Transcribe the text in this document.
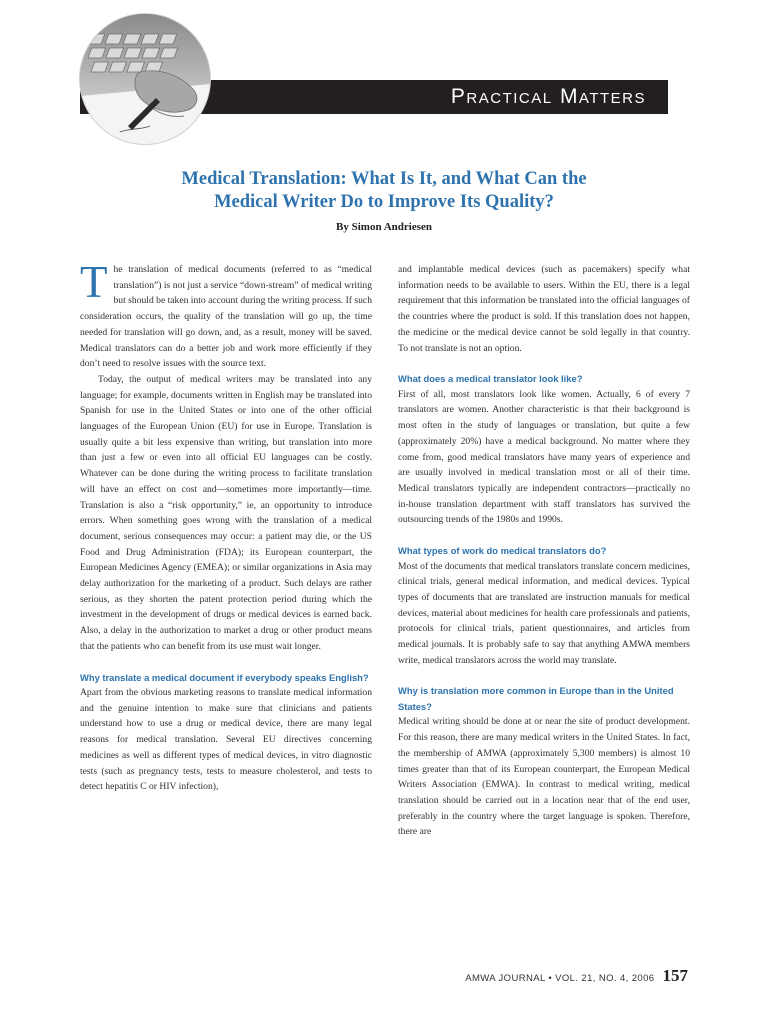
Practical Matters
Medical Translation: What Is It, and What Can the
Medical Writer Do to Improve Its Quality?

By Simon Andriesen

The translation of medical documents (referred to as “medical translation”) is not just a service “down-stream” of medical writing but should be taken into account during the writing process. If such consideration occurs, the quality of the translation will go up, the time needed for translation will go down, and, as a result, money will be saved. Medical translators can do a better job and work more efficiently if they don’t need to resolve issues with the source text.

Today, the output of medical writers may be translated into any language; for example, documents written in English may be translated into Spanish for use in the United States or into one of the other official languages of the European Union (EU) for use in Europe. Translation is usually quite a bit less expensive than writing, but translation into more than just a few or even into all official EU languages can be costly. Whatever can be done during the writing process to facilitate translation will have an effect on cost and—sometimes more importantly—time. Translation is also a “risk opportunity,” ie, an opportunity to introduce errors. When something goes wrong with the translation of a medical document, serious consequences may occur: a patient may die, or the US Food and Drug Administration (FDA); its European counterpart, the European Medicines Agency (EMEA); or similar organizations in Asia may delay authorization for the marketing of a product. Such delays are rather serious, as they shorten the patent protection period during which the investment in the development of drugs or medical devices is earned back. Also, a delay in the authorization to market a drug or other product means that the patients who can benefit from its use must wait longer.

Why translate a medical document if everybody speaks English?

Apart from the obvious marketing reasons to translate medical information and the genuine intention to make sure that clinicians and patients understand how to use a drug or medical device, there are many legal reasons for medical translation. Several EU directives concerning medicines as well as different types of medical devices, in vitro diagnostic tests (such as pregnancy tests, tests to measure cholesterol, and tests to detect hepatitis C or HIV infection),

and implantable medical devices (such as pacemakers) specify what information needs to be available to users. Within the EU, there is a legal requirement that this information be translated into the official languages of the countries where the product is sold. If this translation does not happen, the medicine or the medical device cannot be sold legally in that country. To not translate is not an option.

What does a medical translator look like?

First of all, most translators look like women. Actually, 6 of every 7 translators are women. Another characteristic is that their background is most often in the study of languages or translation, but quite a few (approximately 20%) have a medical background. No matter where they come from, good medical translators have many years of experience and are usually involved in medical translation most or all of their time. Medical translators typically are independent contractors—practically no in-house translation department with staff translators has survived the outsourcing trends of the 1980s and 1990s.

What types of work do medical translators do?

Most of the documents that medical translators translate concern medicines, clinical trials, general medical information, and medical devices. Typical types of documents that are translated are instruction manuals for medical devices, material about medicines for health care professionals and patients, protocols for clinical trials, patient questionnaires, and articles from medical journals. It is probably safe to say that anything AMWA members write, medical translators across the world may translate.

Why is translation more common in Europe than in the United States?

Medical writing should be done at or near the site of product development. For this reason, there are many medical writers in the United States. In fact, the membership of AMWA (approximately 5,300 members) is almost 10 times greater than that of its European counterpart, the European Medical Writers Association (EMWA). In contrast to medical writing, medical translation should be carried out in a location near that of the end user, preferably in the country where the target language is spoken. Therefore, there are

AMWA JOURNAL • VOL. 21, NO. 4, 2006 157
